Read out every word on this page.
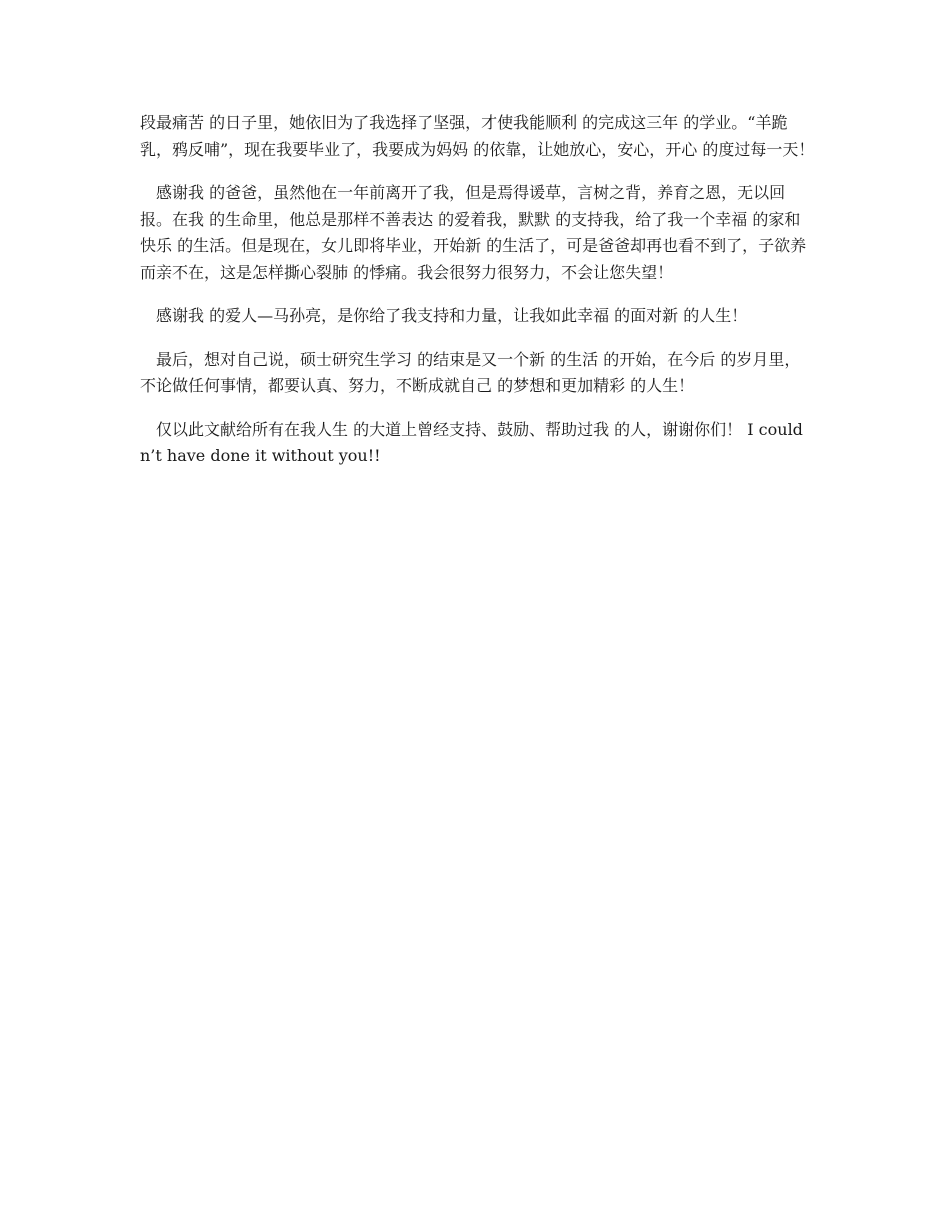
段最痛苦 的日子里，她依旧为了我选择了坚强，才使我能顺利 的完成这三年 的学业。“羊跪乳，鸦反哺”，现在我要毕业了，我要成为妈妈 的依靠，让她放心，安心，开心 的度过每一天！

感谢我 的爸爸，虽然他在一年前离开了我，但是焉得谖草，言树之背，养育之恩，无以回报。在我 的生命里，他总是那样不善表达 的爱着我，默默 的支持我，给了我一个幸福 的家和快乐 的生活。但是现在，女儿即将毕业，开始新 的生活了，可是爸爸却再也看不到了，子欲养而亲不在，这是怎样撕心裂肺 的悸痛。我会很努力很努力，不会让您失望！

感谢我 的爱人—马孙亮，是你给了我支持和力量，让我如此幸福 的面对新 的人生！

最后，想对自己说，硕士研究生学习 的结束是又一个新 的生活 的开始，在今后 的岁月里，不论做任何事情，都要认真、努力，不断成就自己 的梦想和更加精彩 的人生！

仅以此文献给所有在我人生 的大道上曾经支持、鼓励、帮助过我 的人，谢谢你们！ I couldn’t have done it without you!!
